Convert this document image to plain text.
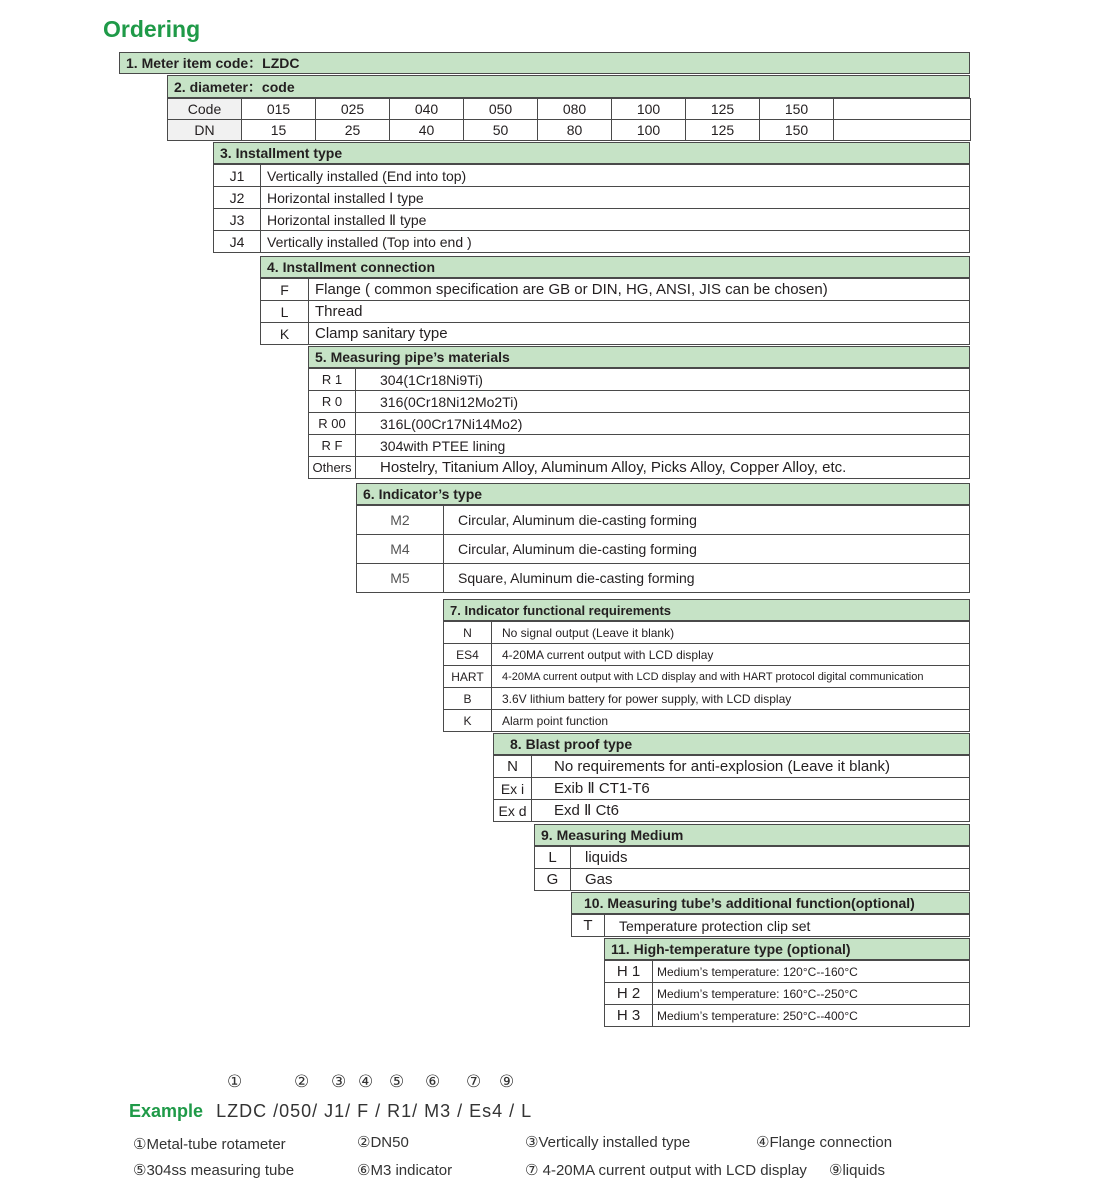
Ordering
1. Meter item code：LZDC
2. diameter：code
Code	015	025	040	050	080	100	125	150	
DN	15	25	40	50	80	100	125	150	
3. Installment type
J1	Vertically installed (End into top)
J2	Horizontal installed Ⅰ type
J3	Horizontal installed Ⅱ type
J4	Vertically installed (Top into end )
4. Installment connection
F	Flange ( common specification are GB or DIN, HG, ANSI, JIS can be chosen)
L	Thread
K	Clamp sanitary type
5. Measuring pipe’s materials
R 1	304(1Cr18Ni9Ti)
R 0	316(0Cr18Ni12Mo2Ti)
R 00	316L(00Cr17Ni14Mo2)
R F	304with PTEE lining
Others	Hostelry, Titanium Alloy, Aluminum Alloy, Picks Alloy, Copper Alloy, etc.
6. Indicator’s type
M2	Circular, Aluminum die-casting forming
M4	Circular, Aluminum die-casting forming
M5	Square, Aluminum die-casting forming
7. Indicator functional requirements
N	No signal output (Leave it blank)
ES4	4-20MA current output with LCD display
HART	4-20MA current output with LCD display and with HART protocol digital communication
B	3.6V lithium battery for power supply, with LCD display
K	Alarm point function
8. Blast proof type
N	No requirements for anti-explosion (Leave it blank)
Ex i	Exib Ⅱ CT1-T6
Ex d	Exd Ⅱ Ct6
9. Measuring Medium
L	liquids
G	Gas
10. Measuring tube’s additional function(optional)
T	Temperature protection clip set
11. High-temperature type (optional)
H 1	Medium’s temperature: 120°C--160°C
H 2	Medium’s temperature: 160°C--250°C
H 3	Medium’s temperature: 250°C--400°C
①	② ③ ④ ⑤ ⑥ ⑦ ⑨
Example LZDC /050/ J1/ F / R1/ M3 / Es4 / L
①Metal-tube rotameter	②DN50	③Vertically installed type	④Flange connection
⑤304ss measuring tube	⑥M3 indicator	⑦ 4-20MA current output with LCD display ⑨liquids
